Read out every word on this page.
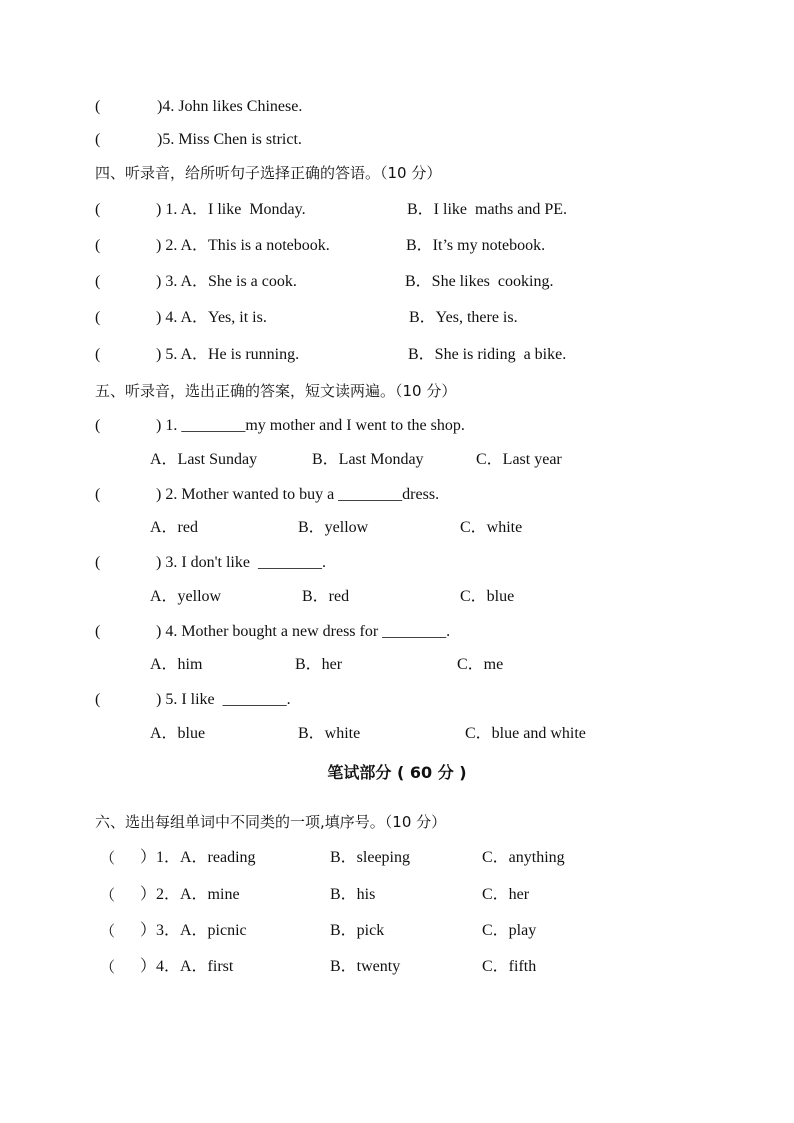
(	)4. John likes Chinese.
(	)5. Miss Chen is strict.
四、听录音，给所听句子选择正确的答语。（10 分）
(	) 1. A．I like  Monday.	B．I like  maths and PE.
(	) 2. A．This is a notebook.	B．It’s my notebook.
(	) 3. A．She is a cook.	B．She likes  cooking.
(	) 4. A．Yes, it is.	B．Yes, there is.
(	) 5. A．He is running.	B．She is riding  a bike.
五、听录音，选出正确的答案，短文读两遍。（10 分）
(	) 1. ________my mother and I went to the shop.
A．Last Sunday	B．Last Monday	C．Last year
(	) 2. Mother wanted to buy a ________dress.
A．red	B．yellow	C．white
(	) 3. I don't like  ________.
A．yellow	B．red	C．blue
(	) 4. Mother bought a new dress for ________.
A．him	B．her	C．me
(	) 5. I like  ________.
A．blue	B．white	C．blue and white
笔试部分 ( 60 分 )
六、选出每组单词中不同类的一项,填序号。（10 分）
（ ）1．A．reading	B．sleeping	C．anything
（ ）2．A．mine	B．his	C．her
（ ）3．A．picnic	B．pick	C．play
（ ）4．A．first	B．twenty	C．fifth
